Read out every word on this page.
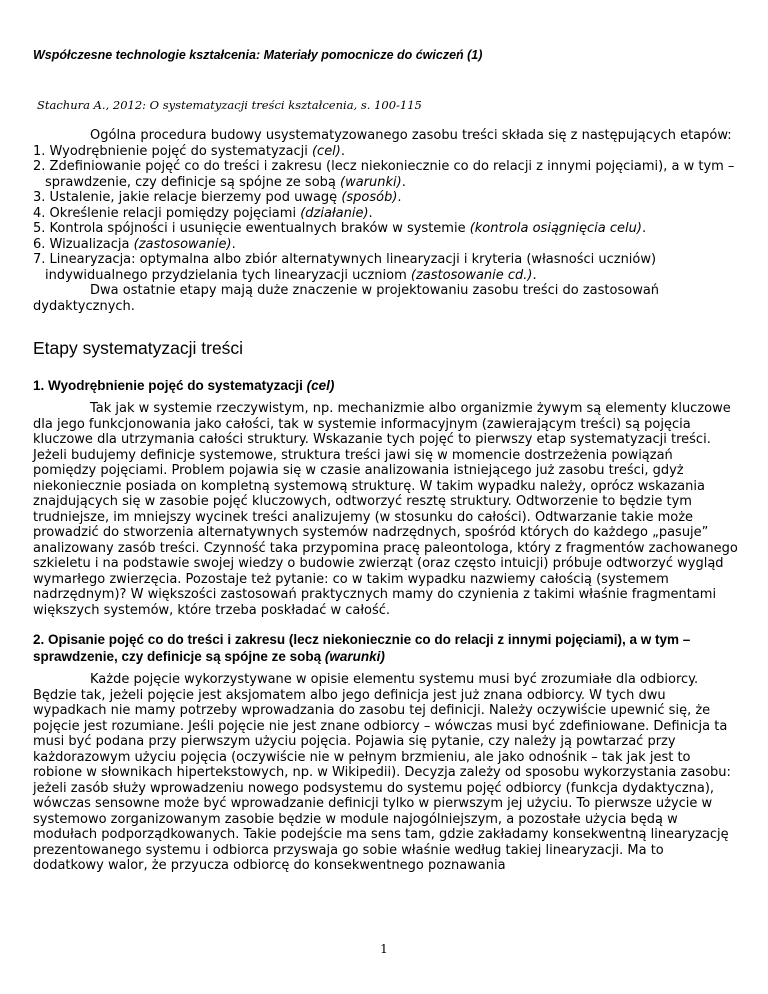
Współczesne technologie kształcenia: Materiały pomocnicze do ćwiczeń (1)
Stachura A., 2012: O systematyzacji treści kształcenia, s. 100-115

Ogólna procedura budowy usystematyzowanego zasobu treści składa się z następujących etapów:

1. Wyodrębnienie pojęć do systematyzacji (cel).
2. Zdefiniowanie pojęć co do treści i zakresu (lecz niekoniecznie co do relacji z innymi pojęciami), a w tym – sprawdzenie, czy definicje są spójne ze sobą (warunki).
3. Ustalenie, jakie relacje bierzemy pod uwagę (sposób).
4. Określenie relacji pomiędzy pojęciami (działanie).
5. Kontrola spójności i usunięcie ewentualnych braków w systemie (kontrola osiągnięcia celu).
6. Wizualizacja (zastosowanie).
7. Linearyzacja: optymalna albo zbiór alternatywnych linearyzacji i kryteria (własności uczniów) indywidualnego przydzielania tych linearyzacji uczniom (zastosowanie cd.).

Dwa ostatnie etapy mają duże znaczenie w projektowaniu zasobu treści do zastosowań dydaktycznych.

Etapy systematyzacji treści
1. Wyodrębnienie pojęć do systematyzacji (cel)

Tak jak w systemie rzeczywistym, np. mechanizmie albo organizmie żywym są elementy kluczowe dla jego funkcjonowania jako całości, tak w systemie informacyjnym (zawierającym treści) są pojęcia kluczowe dla utrzymania całości struktury. Wskazanie tych pojęć to pierwszy etap systematyzacji treści. Jeżeli budujemy definicje systemowe, struktura treści jawi się w momencie dostrzeżenia powiązań pomiędzy pojęciami. Problem pojawia się w czasie analizowania istniejącego już zasobu treści, gdyż niekoniecznie posiada on kompletną systemową strukturę. W takim wypadku należy, oprócz wskazania znajdujących się w zasobie pojęć kluczowych, odtworzyć resztę struktury. Odtworzenie to będzie tym trudniejsze, im mniejszy wycinek treści analizujemy (w stosunku do całości). Odtwarzanie takie może prowadzić do stworzenia alternatywnych systemów nadrzędnych, spośród których do każdego „pasuje” analizowany zasób treści. Czynność taka przypomina pracę paleontologa, który z fragmentów zachowanego szkieletu i na podstawie swojej wiedzy o budowie zwierząt (oraz często intuicji) próbuje odtworzyć wygląd wymarłego zwierzęcia. Pozostaje też pytanie: co w takim wypadku nazwiemy całością (systemem nadrzędnym)? W większości zastosowań praktycznych mamy do czynienia z takimi właśnie fragmentami większych systemów, które trzeba poskładać w całość.

2. Opisanie pojęć co do treści i zakresu (lecz niekoniecznie co do relacji z innymi pojęciami), a w tym – sprawdzenie, czy definicje są spójne ze sobą (warunki)

Każde pojęcie wykorzystywane w opisie elementu systemu musi być zrozumiałe dla odbiorcy. Będzie tak, jeżeli pojęcie jest aksjomatem albo jego definicja jest już znana odbiorcy. W tych dwu wypadkach nie mamy potrzeby wprowadzania do zasobu tej definicji. Należy oczywiście upewnić się, że pojęcie jest rozumiane. Jeśli pojęcie nie jest znane odbiorcy – wówczas musi być zdefiniowane. Definicja ta musi być podana przy pierwszym użyciu pojęcia. Pojawia się pytanie, czy należy ją powtarzać przy każdorazowym użyciu pojęcia (oczywiście nie w pełnym brzmieniu, ale jako odnośnik – tak jak jest to robione w słownikach hipertekstowych, np. w Wikipedii). Decyzja zależy od sposobu wykorzystania zasobu: jeżeli zasób służy wprowadzeniu nowego podsystemu do systemu pojęć odbiorcy (funkcja dydaktyczna), wówczas sensowne może być wprowadzanie definicji tylko w pierwszym jej użyciu. To pierwsze użycie w systemowo zorganizowanym zasobie będzie w module najogólniejszym, a pozostałe użycia będą w modułach podporządkowanych. Takie podejście ma sens tam, gdzie zakładamy konsekwentną linearyzację prezentowanego systemu i odbiorca przyswaja go sobie właśnie według takiej linearyzacji. Ma to dodatkowy walor, że przyucza odbiorcę do konsekwentnego poznawania

1
